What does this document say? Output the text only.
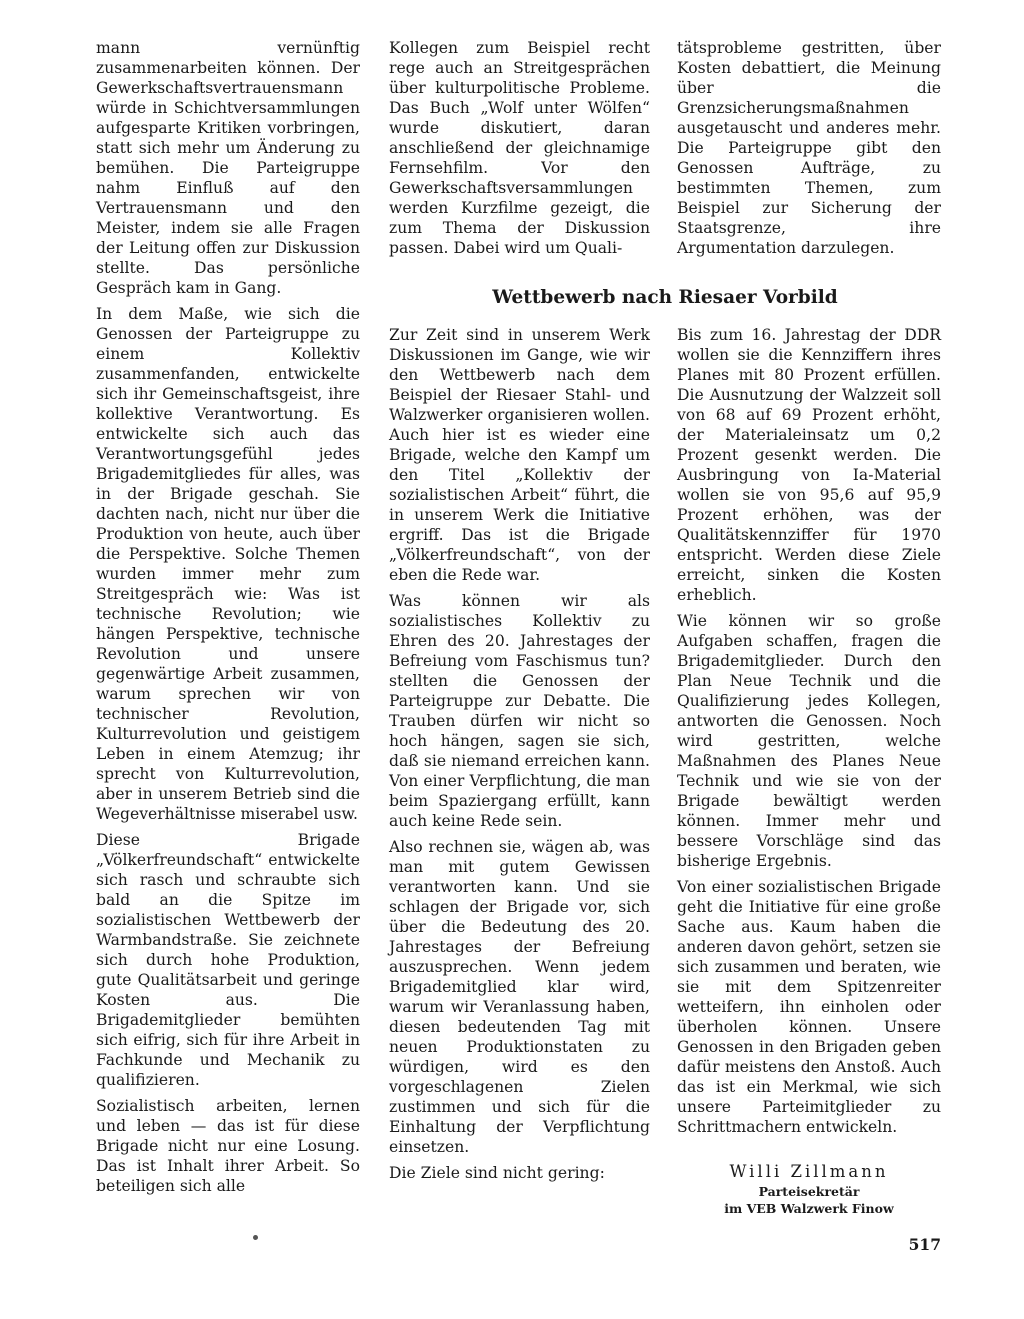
mann vernünftig zusammenarbeiten können. Der Gewerkschaftsvertrauensmann würde in Schichtversammlungen aufgesparte Kritiken vorbringen, statt sich mehr um Änderung zu bemühen. Die Parteigruppe nahm Einfluß auf den Vertrauensmann und den Meister, indem sie alle Fragen der Leitung offen zur Diskussion stellte. Das persönliche Gespräch kam in Gang.

In dem Maße, wie sich die Genossen der Parteigruppe zu einem Kollektiv zusammenfanden, entwickelte sich ihr Gemeinschaftsgeist, ihre kollektive Verantwortung. Es entwickelte sich auch das Verantwortungsgefühl jedes Brigademitgliedes für alles, was in der Brigade geschah. Sie dachten nach, nicht nur über die Produktion von heute, auch über die Perspektive. Solche Themen wurden immer mehr zum Streitgespräch wie: Was ist technische Revolution; wie hängen Perspektive, technische Revolution und unsere gegenwärtige Arbeit zusammen, warum sprechen wir von technischer Revolution, Kulturrevolution und geistigem Leben in einem Atemzug; ihr sprecht von Kulturrevolution, aber in unserem Betrieb sind die Wegeverhältnisse miserabel usw.

Diese Brigade „Völkerfreundschaft“ entwickelte sich rasch und schraubte sich bald an die Spitze im sozialistischen Wettbewerb der Warmbandstraße. Sie zeichnete sich durch hohe Produktion, gute Qualitätsarbeit und geringe Kosten aus. Die Brigademitglieder bemühten sich eifrig, sich für ihre Arbeit in Fachkunde und Mechanik zu qualifizieren.

Sozialistisch arbeiten, lernen und leben — das ist für diese Brigade nicht nur eine Losung. Das ist Inhalt ihrer Arbeit. So beteiligen sich alle

Kollegen zum Beispiel recht rege auch an Streitgesprächen über kulturpolitische Probleme. Das Buch „Wolf unter Wölfen“ wurde diskutiert, daran anschließend der gleichnamige Fernsehfilm. Vor den Gewerkschaftsversammlungen werden Kurzfilme gezeigt, die zum Thema der Diskussion passen. Dabei wird um Quali-

tätsprobleme gestritten, über Kosten debattiert, die Meinung über die Grenzsicherungsmaßnahmen ausgetauscht und anderes mehr. Die Parteigruppe gibt den Genossen Aufträge, zu bestimmten Themen, zum Beispiel zur Sicherung der Staatsgrenze, ihre Argumentation darzulegen.

Wettbewerb nach Riesaer Vorbild

Zur Zeit sind in unserem Werk Diskussionen im Gange, wie wir den Wettbewerb nach dem Beispiel der Riesaer Stahl- und Walzwerker organisieren wollen. Auch hier ist es wieder eine Brigade, welche den Kampf um den Titel „Kollektiv der sozialistischen Arbeit“ führt, die in unserem Werk die Initiative ergriff. Das ist die Brigade „Völkerfreundschaft“, von der eben die Rede war.

Was können wir als sozialistisches Kollektiv zu Ehren des 20. Jahrestages der Befreiung vom Faschismus tun? stellten die Genossen der Parteigruppe zur Debatte. Die Trauben dürfen wir nicht so hoch hängen, sagen sie sich, daß sie niemand erreichen kann. Von einer Verpflichtung, die man beim Spaziergang erfüllt, kann auch keine Rede sein.

Also rechnen sie, wägen ab, was man mit gutem Gewissen verantworten kann. Und sie schlagen der Brigade vor, sich über die Bedeutung des 20. Jahrestages der Befreiung auszusprechen. Wenn jedem Brigademitglied klar wird, warum wir Veranlassung haben, diesen bedeutenden Tag mit neuen Produktionstaten zu würdigen, wird es den vorgeschlagenen Zielen zustimmen und sich für die Einhaltung der Verpflichtung einsetzen.

Die Ziele sind nicht gering:

Bis zum 16. Jahrestag der DDR wollen sie die Kennziffern ihres Planes mit 80 Prozent erfüllen. Die Ausnutzung der Walzzeit soll von 68 auf 69 Prozent erhöht, der Materialeinsatz um 0,2 Prozent gesenkt werden. Die Ausbringung von Ia-Material wollen sie von 95,6 auf 95,9 Prozent erhöhen, was der Qualitätskennziffer für 1970 entspricht. Werden diese Ziele erreicht, sinken die Kosten erheblich.

Wie können wir so große Aufgaben schaffen, fragen die Brigademitglieder. Durch den Plan Neue Technik und die Qualifizierung jedes Kollegen, antworten die Genossen. Noch wird gestritten, welche Maßnahmen des Planes Neue Technik und wie sie von der Brigade bewältigt werden können. Immer mehr und bessere Vorschläge sind das bisherige Ergebnis.

Von einer sozialistischen Brigade geht die Initiative für eine große Sache aus. Kaum haben die anderen davon gehört, setzen sie sich zusammen und beraten, wie sie mit dem Spitzenreiter wetteifern, ihn einholen oder überholen können. Unsere Genossen in den Brigaden geben dafür meistens den Anstoß. Auch das ist ein Merkmal, wie sich unsere Parteimitglieder zu Schrittmachern entwickeln.

Willi Zillmann
Parteisekretär
im VEB Walzwerk Finow
517
